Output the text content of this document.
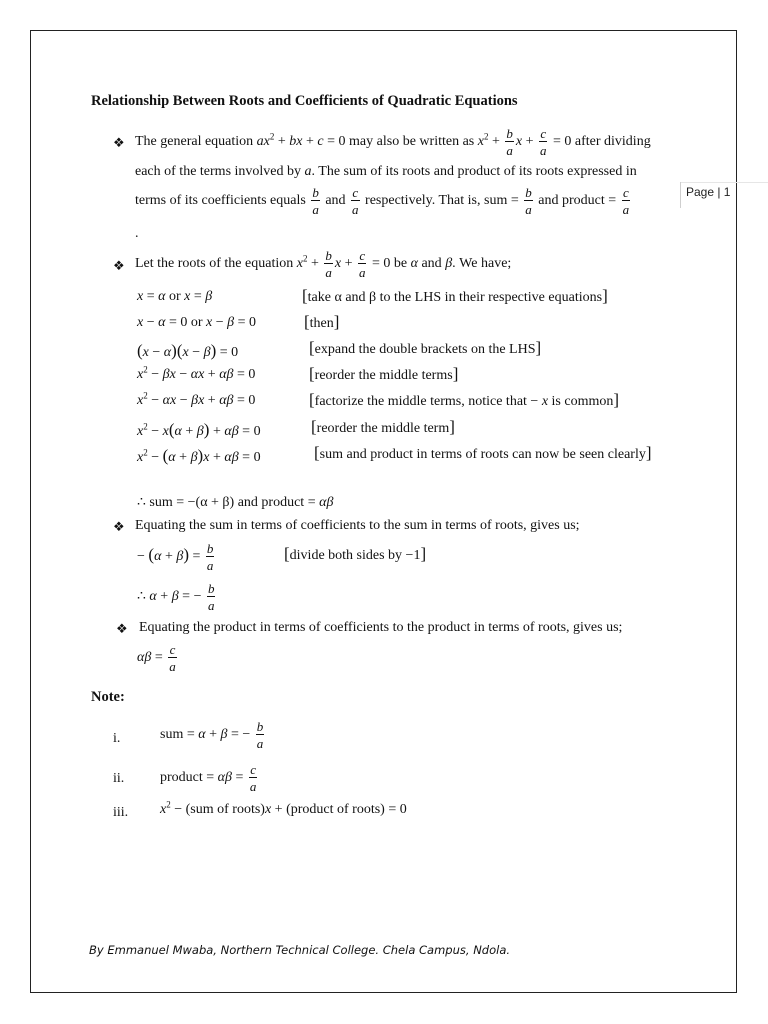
Page | 1
Relationship Between Roots and Coefficients of Quadratic Equations
❖ The general equation $ax^2$ + bx + c = 0 may also be written as $x^2 + \frac{b}{a}$ $x + \frac{c}{a} = 0$ after dividing
each of the terms involved by a. The sum of its roots and product of its roots expressed in
terms of its coefficients equals $\frac{b}{a}$ and $\frac{c}{a}$ respectively. That is, sum = $\frac{b}{a}$ and product = $\frac{c}{a}$
.
❖ Let the roots of the equation $x^2 + \frac{b}{a}$ $x + \frac{c}{a} = 0$ be α and β. We have;
x = α or x = β	[take α and β to the LHS in their respective equations]
x − α = 0 or x − β = 0	[then]
(x − α)(x − β) = 0	[expand the double brackets on the LHS]
$x^2 - \beta x - \alpha x + \alpha\beta = 0$	[reorder the middle terms]
$x^2 - \alpha x - \beta x + \alpha\beta = 0$	[factorize the middle terms, notice that − x is common]
$x^2 - x(\alpha + \beta) + \alpha\beta = 0$	[reorder the middle term]
$x^2 - (\alpha + \beta)x + \alpha\beta = 0$	[sum and product in terms of roots can now be seen clearly]
∴ sum = −(α + β) and product = αβ
❖ Equating the sum in terms of coefficients to the sum in terms of roots, gives us;
− $(\alpha + \beta) = \frac{b}{a}$	[divide both sides by −1]
∴ α + β = − $\frac{b}{a}$
❖ Equating the product in terms of coefficients to the product in terms of roots, gives us;
$\alpha\beta = \frac{c}{a}$
Note:
i.	sum = α + β = − $\frac{b}{a}$
ii.	product = $\alpha\beta = \frac{c}{a}$
iii. $x^2 - (sum$ of roots)x + (product of roots) = 0
By Emmanuel Mwaba, Northern Technical College. Chela Campus, Ndola.
